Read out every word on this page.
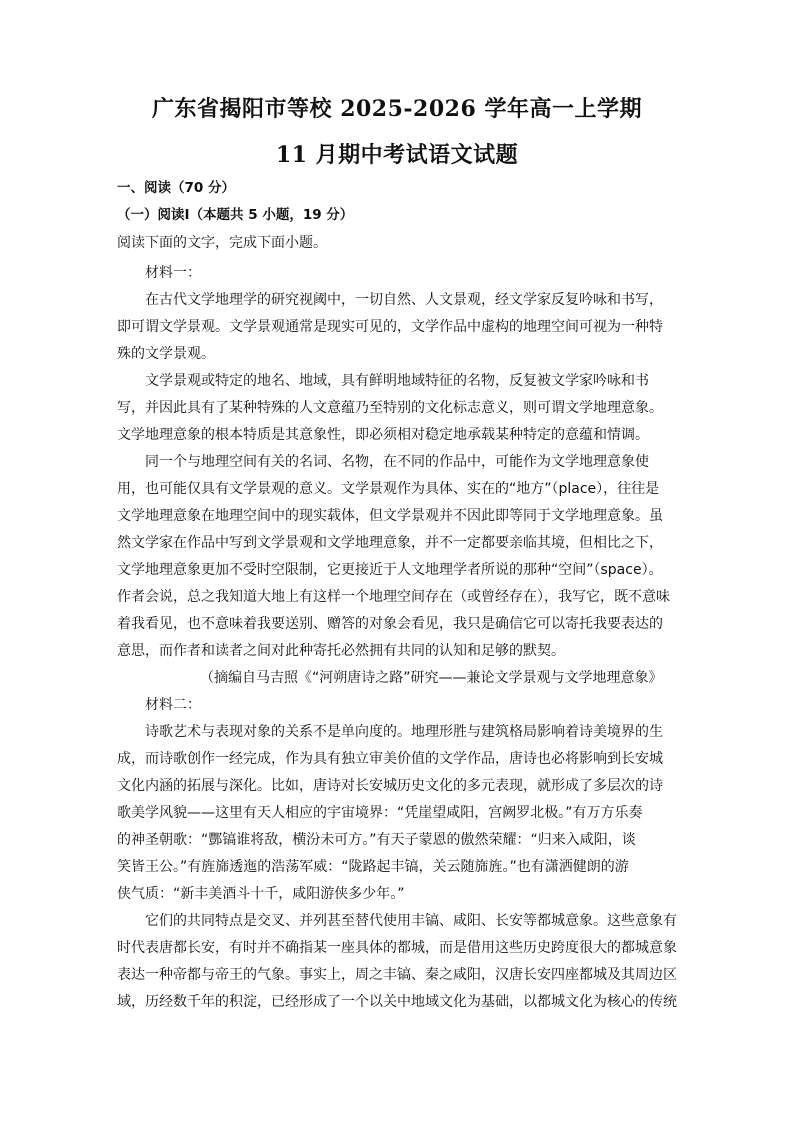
广东省揭阳市等校 2025-2026 学年高一上学期
11 月期中考试语文试题
一、阅读（70 分）
（一）阅读Ⅰ（本题共 5 小题，19 分）
阅读下面的文字，完成下面小题。
材料一：
在古代文学地理学的研究视阈中，一切自然、人文景观，经文学家反复吟咏和书写，
即可谓文学景观。文学景观通常是现实可见的，文学作品中虚构的地理空间可视为一种特
殊的文学景观。
文学景观或特定的地名、地域，具有鲜明地域特征的名物，反复被文学家吟咏和书
写，并因此具有了某种特殊的人文意蕴乃至特别的文化标志意义，则可谓文学地理意象。
文学地理意象的根本特质是其意象性，即必须相对稳定地承载某种特定的意蕴和情调。
同一个与地理空间有关的名词、名物，在不同的作品中，可能作为文学地理意象使
用，也可能仅具有文学景观的意义。文学景观作为具体、实在的“地方”（place），往往是
文学地理意象在地理空间中的现实载体，但文学景观并不因此即等同于文学地理意象。虽
然文学家在作品中写到文学景观和文学地理意象，并不一定都要亲临其境，但相比之下，
文学地理意象更加不受时空限制，它更接近于人文地理学者所说的那种“空间”（space）。
作者会说，总之我知道大地上有这样一个地理空间存在（或曾经存在），我写它，既不意味
着我看见，也不意味着我要送别、赠答的对象会看见，我只是确信它可以寄托我要表达的
意思，而作者和读者之间对此种寄托必然拥有共同的认知和足够的默契。
（摘编自马吉照《“河朔唐诗之路”研究——兼论文学景观与文学地理意象》
材料二：
诗歌艺术与表现对象的关系不是单向度的。地理形胜与建筑格局影响着诗美境界的生
成，而诗歌创作一经完成，作为具有独立审美价值的文学作品，唐诗也必将影响到长安城
文化内涵的拓展与深化。比如，唐诗对长安城历史文化的多元表现，就形成了多层次的诗
歌美学风貌——这里有天人相应的宇宙境界：“凭崖望咸阳，宫阙罗北极。”有万方乐奏
的神圣朝歌：“酆镐谁将敌，横汾未可方。”有天子蒙恩的傲然荣耀：“归来入咸阳，谈
笑皆王公。”有旌旆透迤的浩荡军威：“陇路起丰镐，关云随旆旌。”也有潇洒健朗的游
侠气质：“新丰美酒斗十千，咸阳游侠多少年。”
它们的共同特点是交叉、并列甚至替代使用丰镐、咸阳、长安等都城意象。这些意象有
时代表唐都长安，有时并不确指某一座具体的都城，而是借用这些历史跨度很大的都城意象
表达一种帝都与帝王的气象。事实上，周之丰镐、秦之咸阳，汉唐长安四座都城及其周边区
域，历经数千年的积淀，已经形成了一个以关中地域文化为基础，以都城文化为核心的传统
